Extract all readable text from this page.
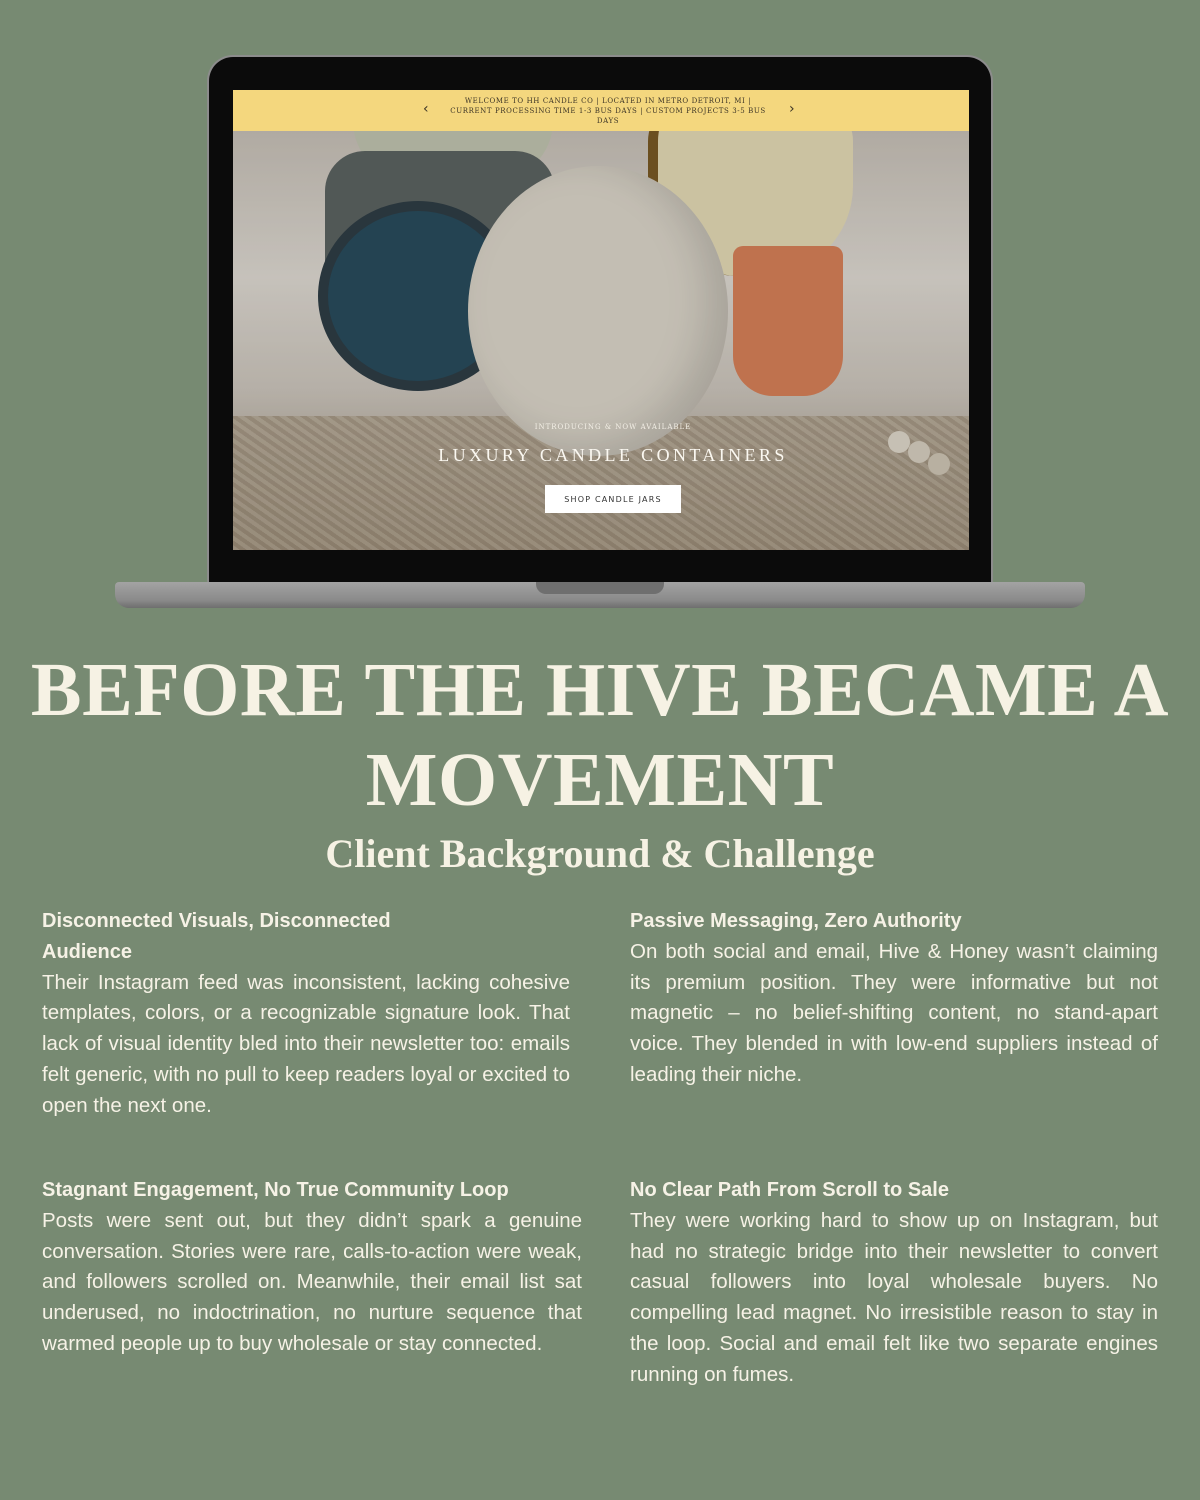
‹	WELCOME TO HH CANDLE CO | LOCATED IN METRO DETROIT, MI | CURRENT PROCESSING TIME 1-3 BUS DAYS | CUSTOM PROJECTS 3-5 BUS DAYS
›
INTRODUCING & NOW AVAILABLE
LUXURY CANDLE CONTAINERS
SHOP CANDLE JARS
BEFORE THE HIVE BECAME A MOVEMENT
Client Background & Challenge
Disconnected Visuals, Disconnected Audience

Their Instagram feed was inconsistent, lacking cohesive templates, colors, or a recognizable signature look. That lack of visual identity bled into their newsletter too: emails felt generic, with no pull to keep readers loyal or excited to open the next one.

Passive Messaging, Zero Authority

On both social and email, Hive & Honey wasn’t claiming its premium position. They were informative but not magnetic – no belief-shifting content, no stand-apart voice. They blended in with low-end suppliers instead of leading their niche.

Stagnant Engagement, No True Community Loop

Posts were sent out, but they didn’t spark a genuine conversation. Stories were rare, calls-to-action were weak, and followers scrolled on. Meanwhile, their email list sat underused, no indoctrination, no nurture sequence that warmed people up to buy wholesale or stay connected.

No Clear Path From Scroll to Sale

They were working hard to show up on Instagram, but had no strategic bridge into their newsletter to convert casual followers into loyal wholesale buyers. No compelling lead magnet. No irresistible reason to stay in the loop. Social and email felt like two separate engines running on fumes.
